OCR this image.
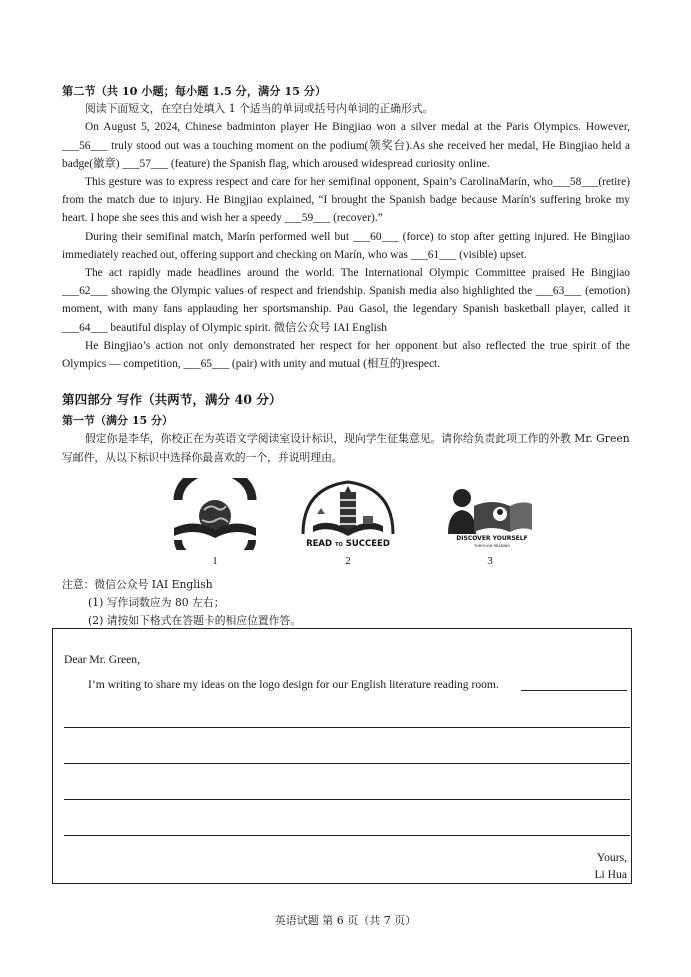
第二节（共 10 小题；每小题 1.5 分，满分 15 分）

阅读下面短文，在空白处填入 1 个适当的单词或括号内单词的正确形式。

On August 5, 2024, Chinese badminton player He Bingjiao won a silver medal at the Paris Olympics. However, ___56___ truly stood out was a touching moment on the podium(领奖台).As she received her medal, He Bingjiao held a badge(徽章) ___57___ (feature) the Spanish flag, which aroused widespread curiosity online.

This gesture was to express respect and care for her semifinal opponent, Spain’s CarolinaMarín, who___58___(retire) from the match due to injury. He Bingjiao explained, “I brought the Spanish badge because Marín's suffering broke my heart. I hope she sees this and wish her a speedy ___59___ (recover).”

During their semifinal match, Marín performed well but ___60___ (force) to stop after getting injured. He Bingjiao immediately reached out, offering support and checking on Marín, who was ___61___ (visible) upset.

The act rapidly made headlines around the world. The International Olympic Committee praised He Bingjiao ___62___ showing the Olympic values of respect and friendship. Spanish media also highlighted the ___63___ (emotion) moment, with many fans applauding her sportsmanship. Pau Gasol, the legendary Spanish basketball player, called it ___64___ beautiful display of Olympic spirit. 微信公众号 IAI English

He Bingjiao’s action not only demonstrated her respect for her opponent but also reflected the true spirit of the Olympics — competition, ___65___ (pair) with unity and mutual (相互的)respect.

第四部分 写作（共两节，满分 40 分）
第一节（满分 15 分）
假定你是李华，你校正在为英语文学阅读室设计标识，现向学生征集意见。请你给负责此项工作的外教 Mr. Green 写邮件，从以下标识中选择你最喜欢的一个，并说明理由。
OPEN A BOOK
OPEN A WORLD
1
READ TO SUCCEED
2
DISCOVER YOURSELF
THROUGH READING
3
注意：微信公众号 IAI English
(1) 写作词数应为 80 左右；
(2) 请按如下格式在答题卡的相应位置作答。
Dear Mr. Green,
I’m writing to share my ideas on the logo design for our English literature reading room.
Yours,
Li Hua
英语试题 第 6 页（共 7 页）
